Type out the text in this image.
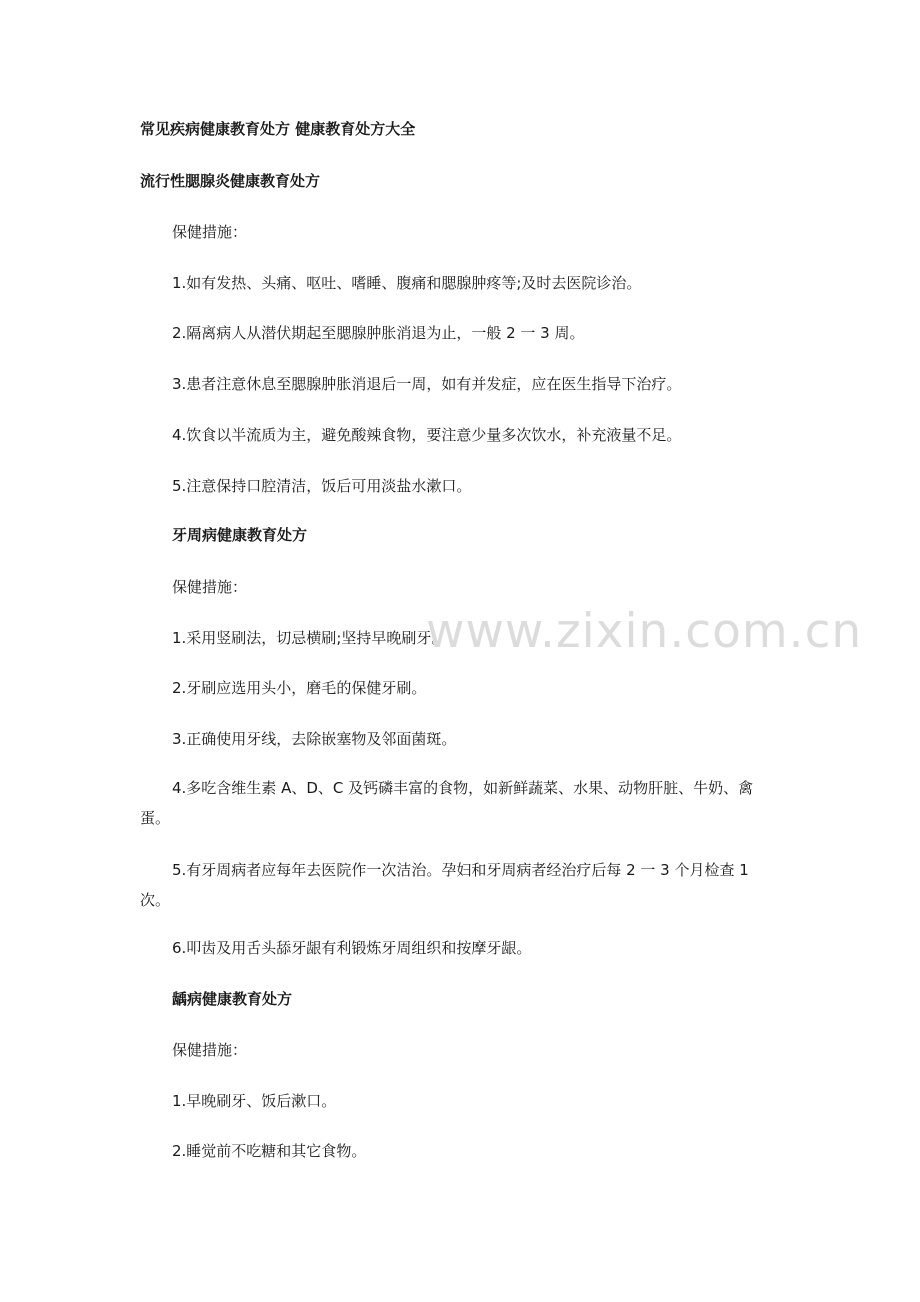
常见疾病健康教育处方 健康教育处方大全
流行性腮腺炎健康教育处方
保健措施：
1.如有发热、头痛、呕吐、嗜睡、腹痛和腮腺肿疼等;及时去医院诊治。
2.隔离病人从潜伏期起至腮腺肿胀消退为止，一般 2 一 3 周。
3.患者注意休息至腮腺肿胀消退后一周，如有并发症，应在医生指导下治疗。
4.饮食以半流质为主，避免酸辣食物，要注意少量多次饮水，补充液量不足。
5.注意保持口腔清洁，饭后可用淡盐水漱口。
牙周病健康教育处方
保健措施：
1.采用竖刷法，切忌横刷;坚持早晚刷牙。
2.牙刷应选用头小，磨毛的保健牙刷。
3.正确使用牙线，去除嵌塞物及邻面菌斑。
4.多吃含维生素 A、D、C 及钙磷丰富的食物，如新鲜蔬菜、水果、动物肝脏、牛奶、禽蛋。
5.有牙周病者应每年去医院作一次洁治。孕妇和牙周病者经治疗后每 2 一 3 个月检查 1 次。
6.叩齿及用舌头舔牙龈有利锻炼牙周组织和按摩牙龈。
龋病健康教育处方
保健措施：
1.早晚刷牙、饭后漱口。
2.睡觉前不吃糖和其它食物。
www.zixin.com.cn
